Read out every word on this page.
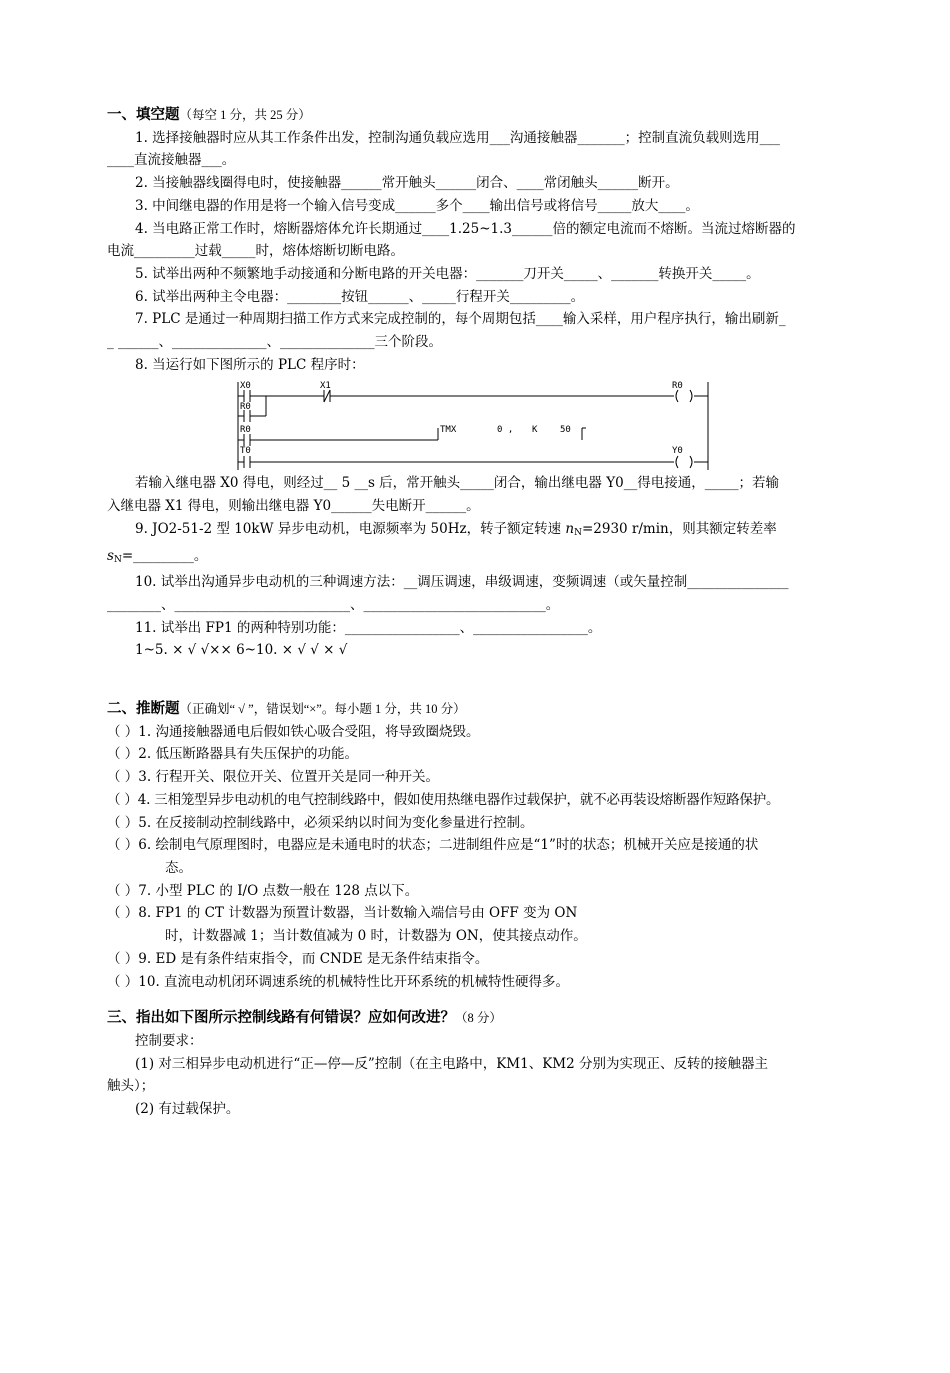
一、填空题（每空 1 分，共 25 分）
1. 选择接触器时应从其工作条件出发，控制沟通负载应选用___沟通接触器_______；控制直流负载则选用___
____直流接触器___。
2. 当接触器线圈得电时，使接触器______常开触头______闭合、____常闭触头______断开。
3. 中间继电器的作用是将一个输入信号变成______多个____输出信号或将信号_____放大____。
4. 当电路正常工作时，熔断器熔体允许长期通过____1.25~1.3______倍的额定电流而不熔断。当流过熔断器的
电流_________过载_____时，熔体熔断切断电路。
5. 试举出两种不频繁地手动接通和分断电路的开关电器：_______刀开关_____、_______转换开关_____。
6. 试举出两种主令电器：________按钮______、_____行程开关_________。
7. PLC 是通过一种周期扫描工作方式来完成控制的，每个周期包括____输入采样，用户程序执行，输出刷新_
_ ______、______________、______________三个阶段。
8. 当运行如下图所示的 PLC 程序时：
X0	X1	R0
R0
R0	TMX	0 , K	50
T0	Y0
若输入继电器 X0 得电，则经过__ 5 __s 后，常开触头_____闭合，输出继电器 Y0__得电接通，_____；若输
入继电器 X1 得电，则输出继电器 Y0______失电断开______。
9. JO2-51-2 型 10kW 异步电动机，电源频率为 50Hz，转子额定转速 $n_N=2930$ r/min，则其额定转差率
$s_N=\_\_\_\_\_\_\_\_\_$。
10. 试举出沟通异步电动机的三种调速方法：__调压调速，串级调速，变频调速（或矢量控制_______________
________、__________________________、___________________________。
11. 试举出 FP1 的两种特别功能：_________________、_________________。
1~5. × √ √×× 6~10. × √ √ × √
二、推断题（正确划“ √ ”，错误划“×”。每小题 1 分，共 10 分）
（ ）1. 沟通接触器通电后假如铁心吸合受阻，将导致圈烧毁。
（ ）2. 低压断路器具有失压保护的功能。
（ ）3. 行程开关、限位开关、位置开关是同一种开关。
（ ）4. 三相笼型异步电动机的电气控制线路中，假如使用热继电器作过载保护，就不必再装设熔断器作短路保护。
（ ）5. 在反接制动控制线路中，必须采纳以时间为变化参量进行控制。
（ ）6. 绘制电气原理图时，电器应是未通电时的状态；二进制组件应是“1”时的状态；机械开关应是接通的状
态。
（ ）7. 小型 PLC 的 I/O 点数一般在 128 点以下。
（ ）8. FP1 的 CT 计数器为预置计数器，当计数输入端信号由 OFF 变为 ON
时，计数器减 1；当计数值减为 0 时，计数器为 ON，使其接点动作。
（ ）9. ED 是有条件结束指令，而 CNDE 是无条件结束指令。
（ ）10. 直流电动机闭环调速系统的机械特性比开环系统的机械特性硬得多。
三、指出如下图所示控制线路有何错误？应如何改进？（8 分）
控制要求：
(1) 对三相异步电动机进行“正—停—反”控制（在主电路中，KM1、KM2 分别为实现正、反转的接触器主
触头）；
(2) 有过载保护。
